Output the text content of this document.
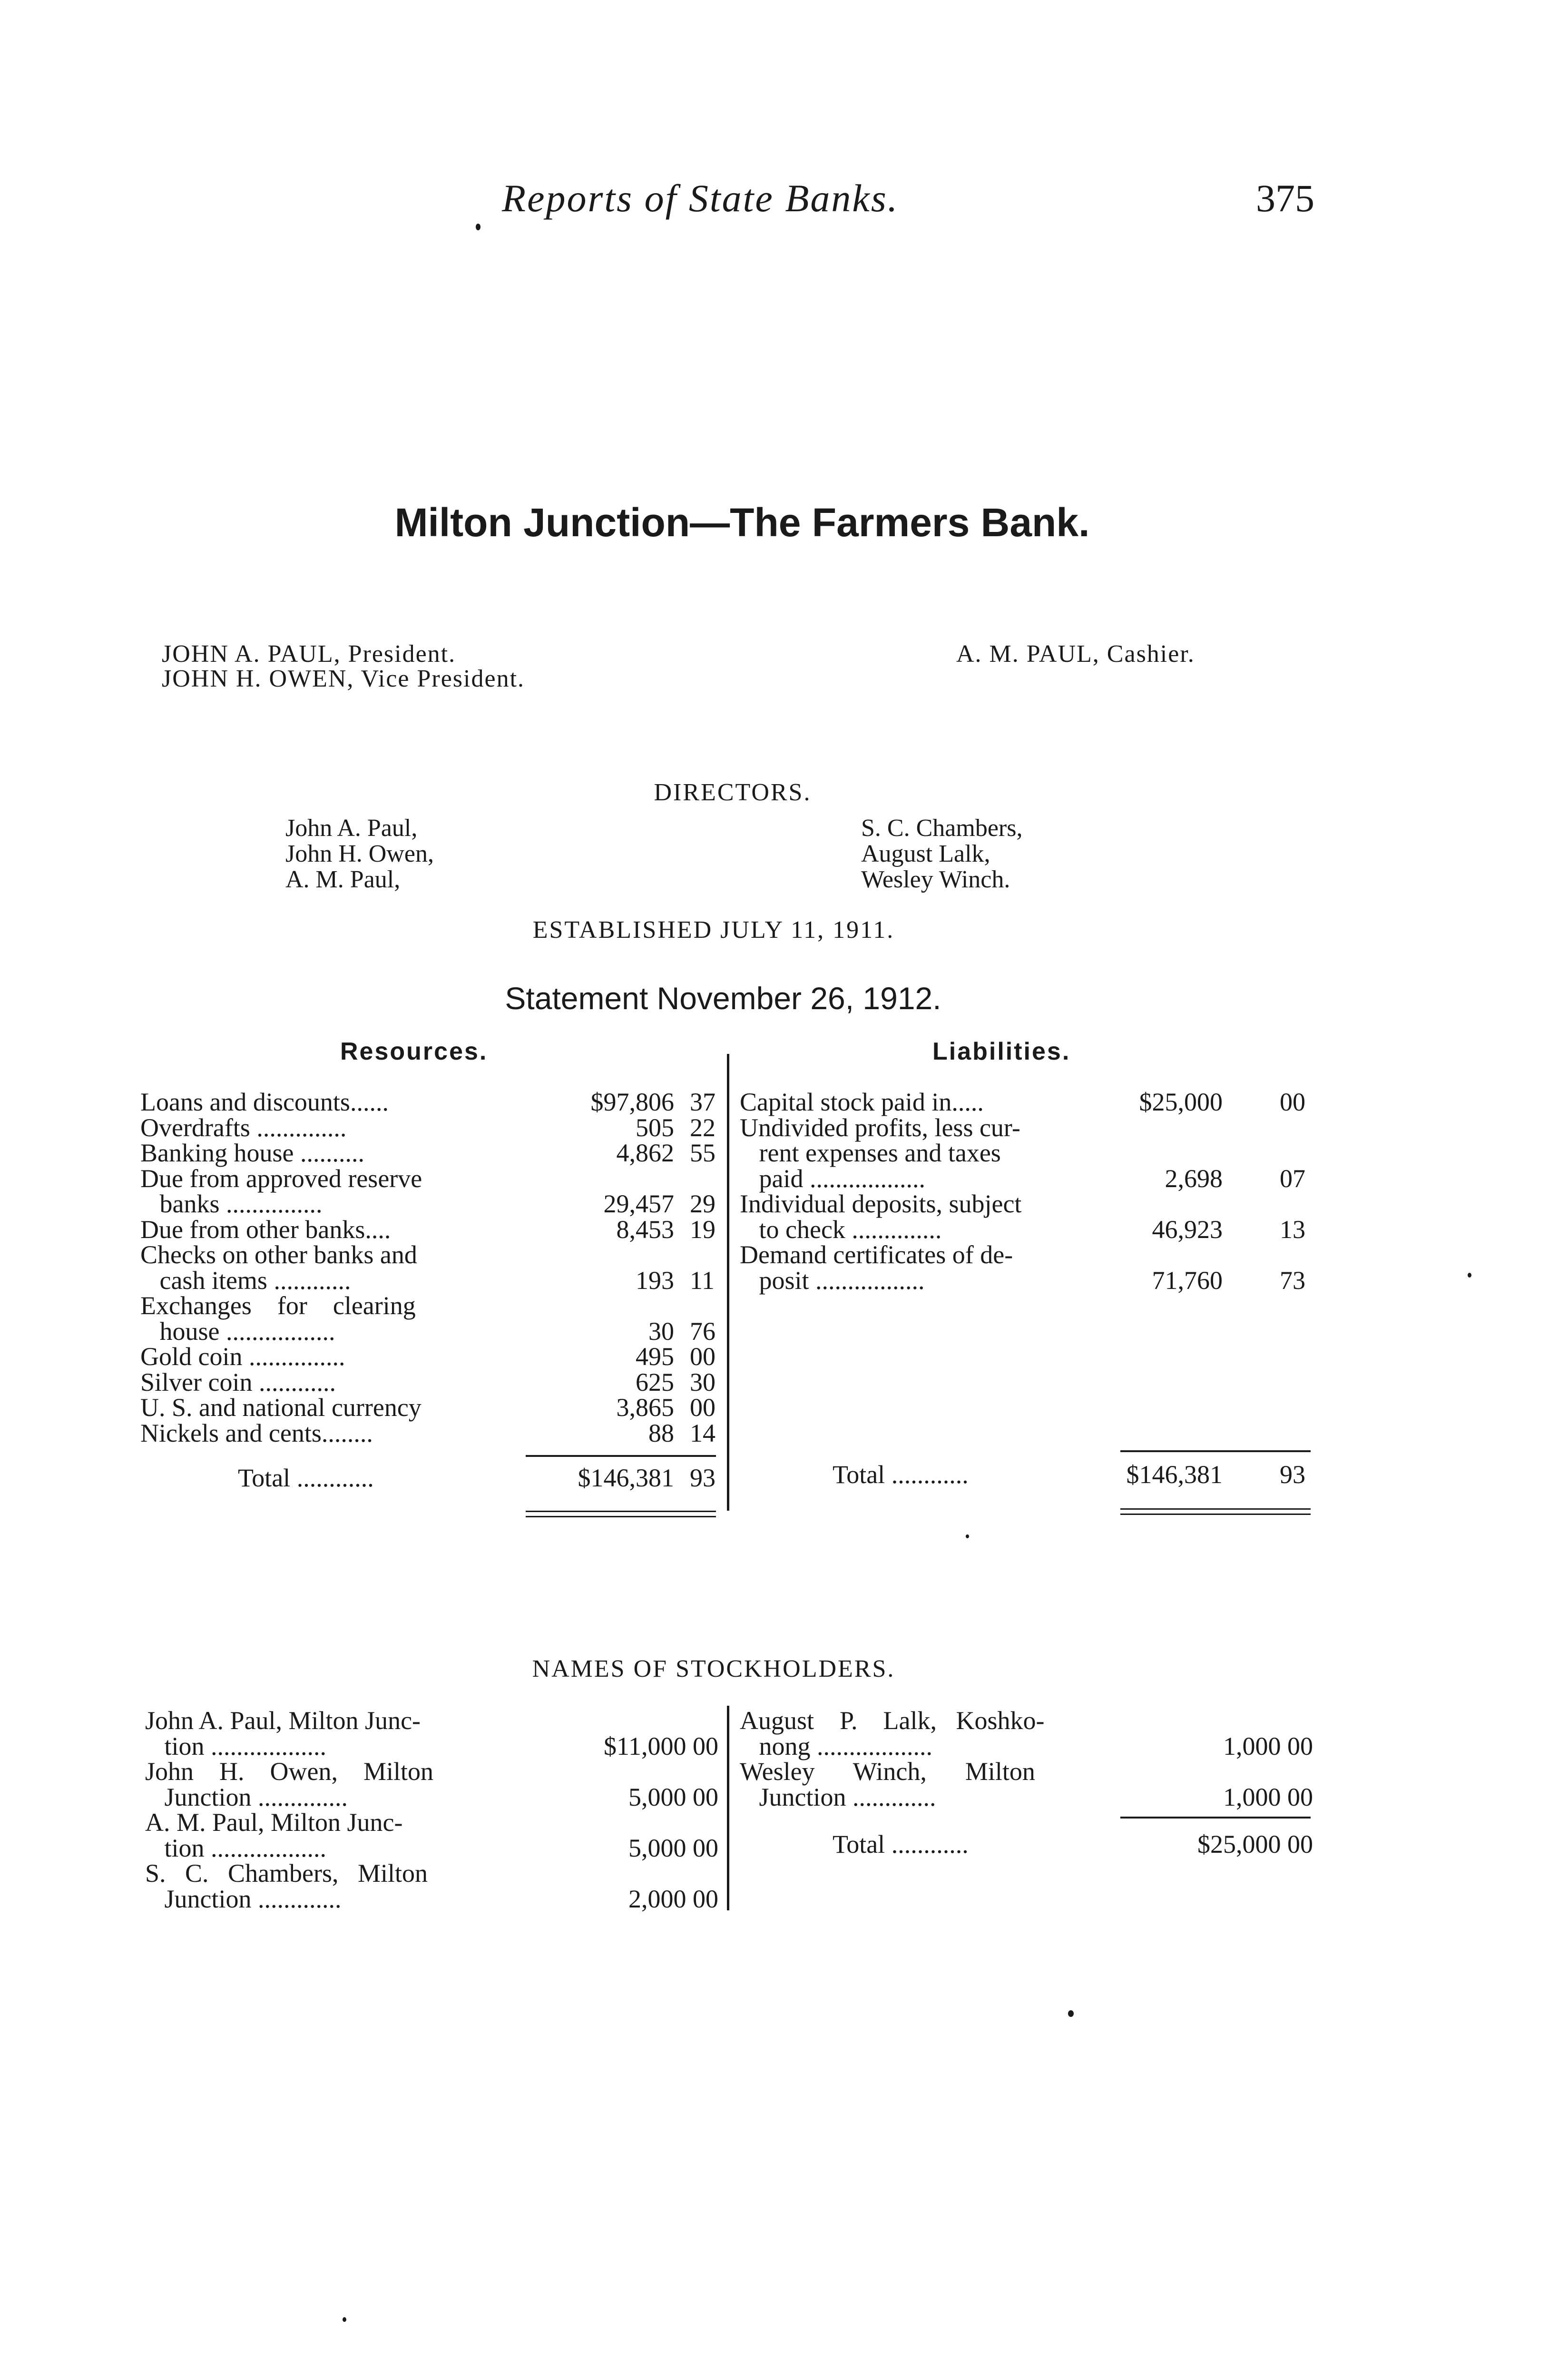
Reports of State Banks.	375
Milton Junction—The Farmers Bank.
JOHN A. PAUL, President.
JOHN H. OWEN, Vice President.
A. M. PAUL, Cashier.
DIRECTORS.
John A. Paul,
John H. Owen,
A. M. Paul,
S. C. Chambers,
August Lalk,
Wesley Winch.
ESTABLISHED JULY 11, 1911.
Statement November 26, 1912.
Resources.	Liabilities.
Loans and discounts......	$97,806 37
Overdrafts ..............	505 22
Banking house ..........	4,862 55
Due from approved reserve
banks ...............	29,457 29
Due from other banks....	8,453 19
Checks on other banks and
cash items ............	193 11
Exchanges    for    clearing
house .................	30 76
Gold coin ...............	495 00
Silver coin ............	625 30
U. S. and national currency	3,865 00
Nickels and cents........	88 14
Total ............	$146,381 93
Capital stock paid in.....	$25,000 00
Undivided profits, less cur-
rent expenses and taxes
paid ..................	2,698 07
Individual deposits, subject
to check ..............	46,923 13
Demand certificates of de-
posit .................	71,760 73
Total ............	$146,381 93
NAMES OF STOCKHOLDERS.
John A. Paul, Milton Junc-
tion ..................	$11,000 00
John    H.    Owen,    Milton
Junction ..............	5,000 00
A. M. Paul, Milton Junc-
tion ..................	5,000 00
S.   C.   Chambers,   Milton
Junction .............	2,000 00
August    P.    Lalk,   Koshko-
nong ..................	1,000 00
Wesley      Winch,      Milton
Junction .............	1,000 00
Total ............	$25,000 00
